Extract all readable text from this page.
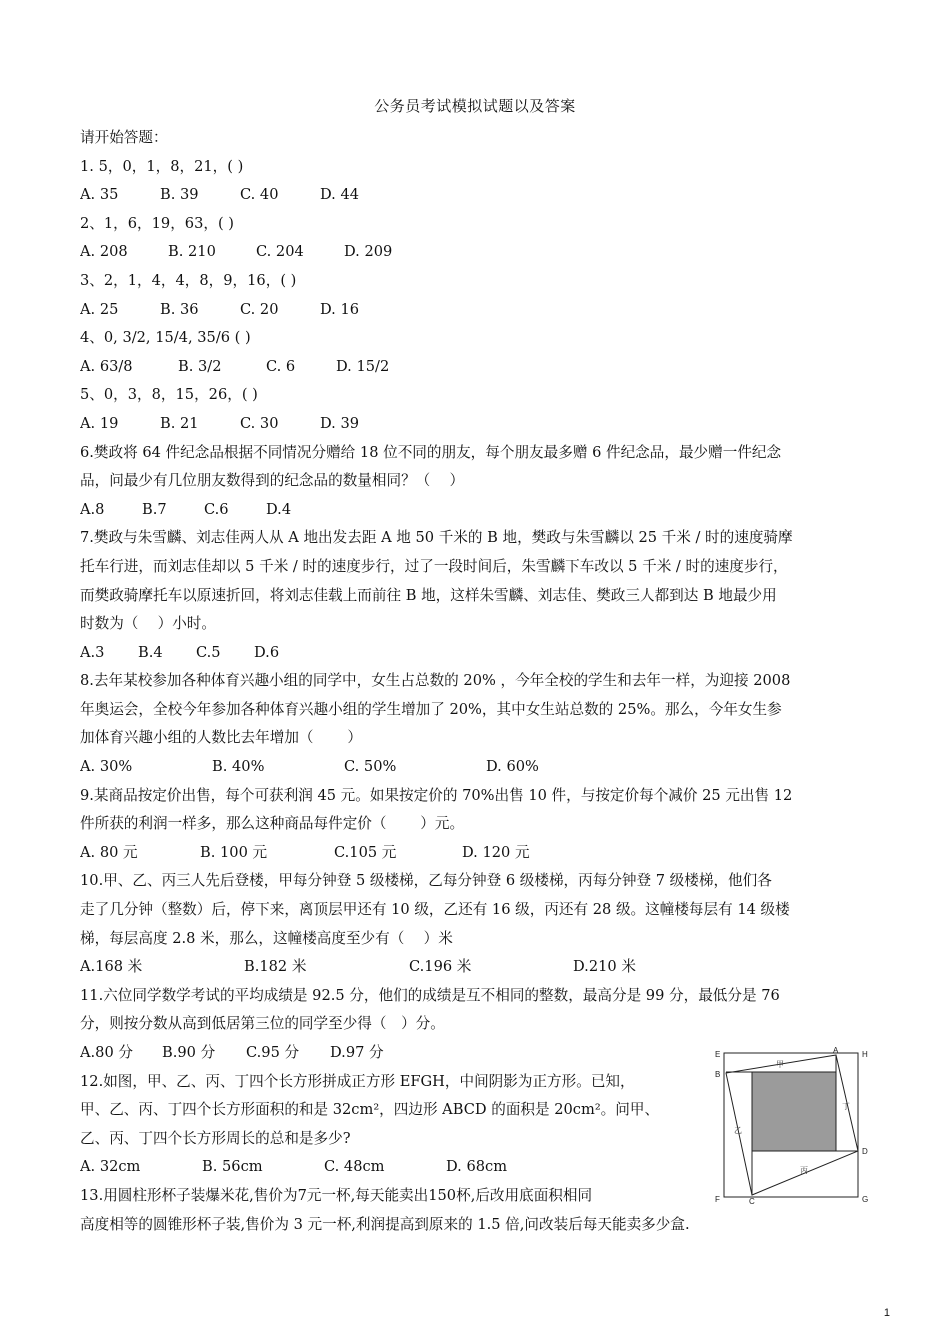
公务员考试模拟试题以及答案
请开始答题：
1. 5，0，1，8，21，( )
A. 35	B. 39	C. 40	D. 44
2、1，6，19，63，( )
A. 208	B. 210	C. 204	D. 209
3、2，1，4，4，8，9，16，( )
A. 25	B. 36	C. 20	D. 16
4、0, 3/2, 15/4, 35/6 ( )
A. 63/8	B. 3/2	C. 6	D. 15/2
5、0，3，8，15，26，( )
A. 19	B. 21	C. 30	D. 39
6.樊政将 64 件纪念品根据不同情况分赠给 18 位不同的朋友，每个朋友最多赠 6 件纪念品，最少赠一件纪念
品，问最少有几位朋友数得到的纪念品的数量相同？（　 ）
A.8	B.7	C.6	D.4
7.樊政与朱雪麟、刘志佳两人从 A 地出发去距 A 地 50 千米的 B 地，樊政与朱雪麟以 25 千米 / 时的速度骑摩
托车行进，而刘志佳却以 5 千米 / 时的速度步行，过了一段时间后，朱雪麟下车改以 5 千米 / 时的速度步行，
而樊政骑摩托车以原速折回，将刘志佳载上而前往 B 地，这样朱雪麟、刘志佳、樊政三人都到达 B 地最少用
时数为（　 ）小时。
A.3	B.4	C.5	D.6
8.去年某校参加各种体育兴趣小组的同学中，女生占总数的 20% ，今年全校的学生和去年一样，为迎接 2008
年奥运会，全校今年参加各种体育兴趣小组的学生增加了 20%，其中女生站总数的 25%。那么，今年女生参
加体育兴趣小组的人数比去年增加（　　 ）
A. 30%	B. 40%	C. 50%	D. 60%
9.某商品按定价出售，每个可获利润 45 元。如果按定价的 70%出售 10 件，与按定价每个减价 25 元出售 12
件所获的利润一样多，那么这种商品每件定价（　　 ）元。
A. 80 元	B. 100 元	C.105 元	D. 120 元
10.甲、乙、丙三人先后登楼，甲每分钟登 5 级楼梯，乙每分钟登 6 级楼梯，丙每分钟登 7 级楼梯，他们各
走了几分钟（整数）后，停下来，离顶层甲还有 10 级，乙还有 16 级，丙还有 28 级。这幢楼每层有 14 级楼
梯，每层高度 2.8 米，那么，这幢楼高度至少有（　 ）米
A.168 米	B.182 米	C.196 米	D.210 米
11.六位同学数学考试的平均成绩是 92.5 分，他们的成绩是互不相同的整数，最高分是 99 分，最低分是 76
分，则按分数从高到低居第三位的同学至少得（　）分。
A.80 分	B.90 分	C.95 分	D.97 分
12.如图，甲、乙、丙、丁四个长方形拼成正方形 EFGH，中间阴影为正方形。已知，
甲、乙、丙、丁四个长方形面积的和是 32cm²，四边形 ABCD 的面积是 20cm²。问甲、
乙、丙、丁四个长方形周长的总和是多少?
A. 32cm	B. 56cm	C. 48cm	D. 68cm
13.用圆柱形杯子装爆米花,售价为7元一杯,每天能卖出150杯,后改用底面积相同
高度相等的圆锥形杯子装,售价为 3 元一杯,利润提高到原来的 1.5 倍,问改装后每天能卖多少盒.
E	A	H
B
D
F	C	G
甲
乙
丙
丁
1
